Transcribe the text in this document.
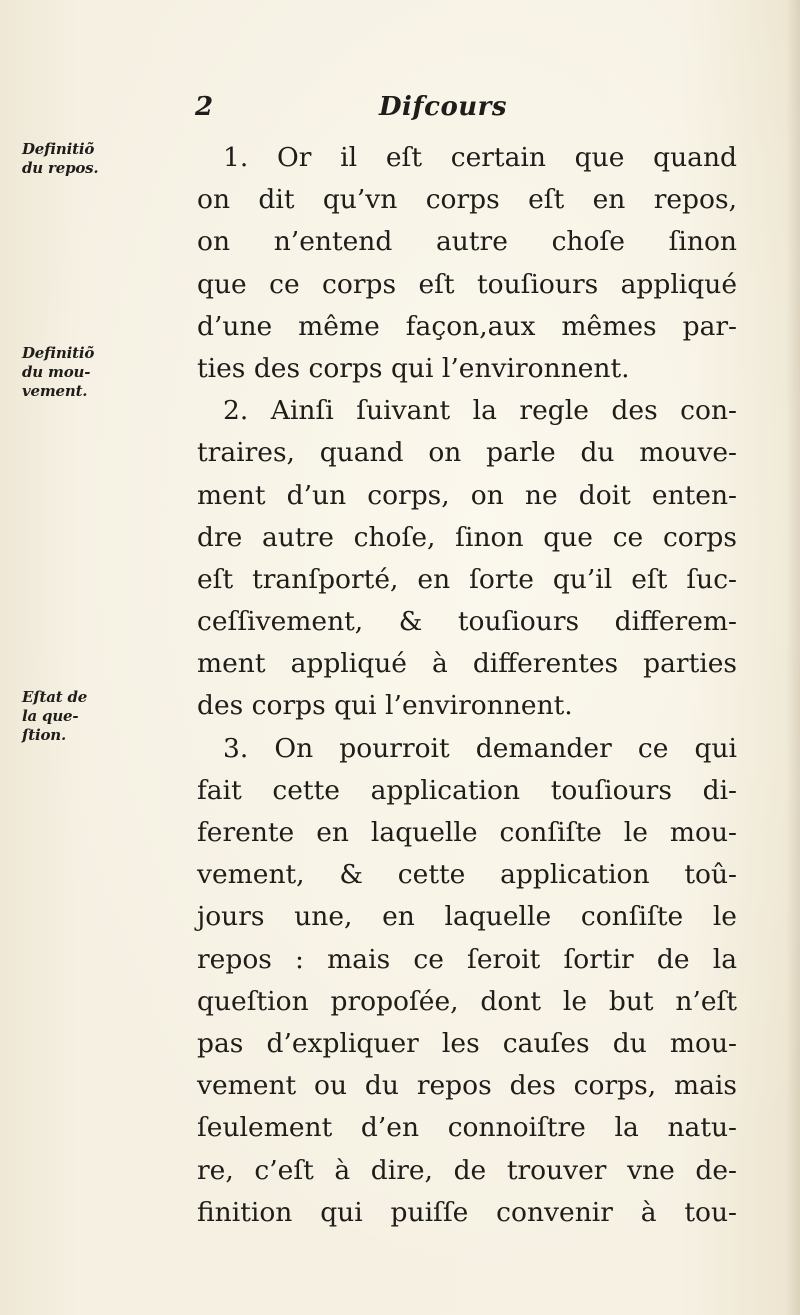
2	Difcours
Definitiõ
du repos.
Definitiõ
du mou-
vement.
Eſtat de
la que-
ſtion.
1. Or il eſt certain que quand
on dit qu’vn corps eſt en repos,
on n’entend autre choſe ſinon
que ce corps eſt touſiours appliqué
d’une même façon,aux mêmes par-
ties des corps qui l’environnent.
2. Ainſi ſuivant la regle des con-
traires, quand on parle du mouve-
ment d’un corps, on ne doit enten-
dre autre choſe, ſinon que ce corps
eſt tranſporté, en ſorte qu’il eſt ſuc-
ceſſivement, & touſiours differem-
ment appliqué à differentes parties
des corps qui l’environnent.
3. On pourroit demander ce qui
fait cette application touſiours di-
ferente en laquelle conſiſte le mou-
vement, & cette application toû-
jours une, en laquelle conſiſte le
repos : mais ce ſeroit ſortir de la
queſtion propoſée, dont le but n’eſt
pas d’expliquer les cauſes du mou-
vement ou du repos des corps, mais
ſeulement d’en connoiſtre la natu-
re, c’eſt à dire, de trouver vne de-
finition qui puiſſe convenir à tou-
